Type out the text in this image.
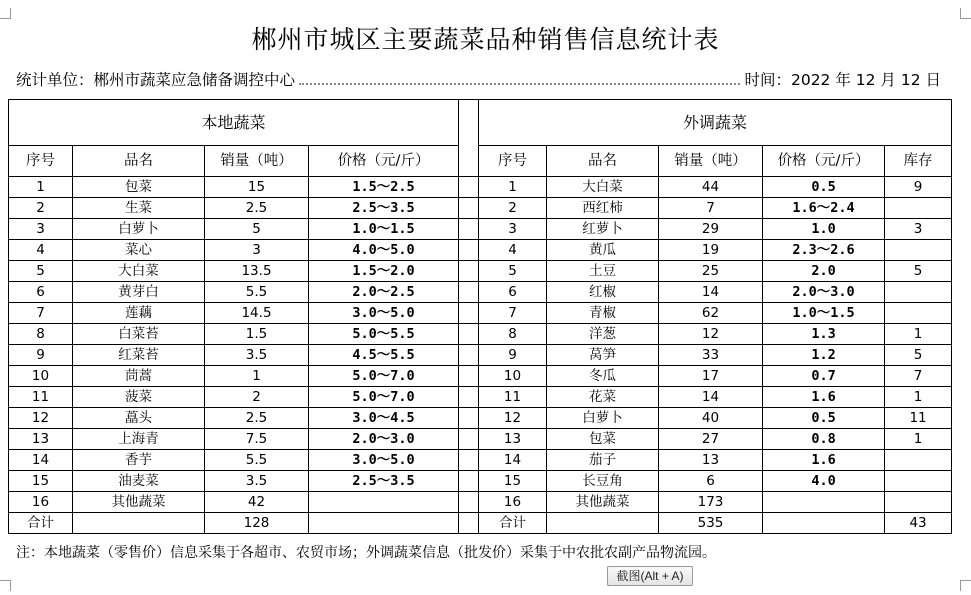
郴州市城区主要蔬菜品种销售信息统计表
统计单位：郴州市蔬菜应急储备调控中心	时间：2022 年 12 月 12 日
本地蔬菜					外调蔬菜				
序号	品名	销量（吨）	价格（元/斤）		序号	品名	销量（吨）	价格（元/斤）	库存
1	包菜	15	1.5～2.5		1	大白菜	44	0.5	9
2	生菜	2.5	2.5～3.5		2	西红柿	7	1.6～2.4	
3	白萝卜	5	1.0～1.5		3	红萝卜	29	1.0	3
4	菜心	3	4.0～5.0		4	黄瓜	19	2.3～2.6	
5	大白菜	13.5	1.5～2.0		5	土豆	25	2.0	5
6	黄芽白	5.5	2.0～2.5		6	红椒	14	2.0～3.0	
7	莲藕	14.5	3.0～5.0		7	青椒	62	1.0～1.5	
8	白菜苔	1.5	5.0～5.5		8	洋葱	12	1.3	1
9	红菜苔	3.5	4.5～5.5		9	莴笋	33	1.2	5
10	茼蒿	1	5.0～7.0		10	冬瓜	17	0.7	7
11	菠菜	2	5.0～7.0		11	花菜	14	1.6	1
12	藠头	2.5	3.0～4.5		12	白萝卜	40	0.5	11
13	上海青	7.5	2.0～3.0		13	包菜	27	0.8	1
14	香芋	5.5	3.0～5.0		14	茄子	13	1.6	
15	油麦菜	3.5	2.5～3.5		15	长豆角	6	4.0	
16	其他蔬菜	42			16	其他蔬菜	173		
合计		128			合计		535		43
注：本地蔬菜（零售价）信息采集于各超市、农贸市场；外调蔬菜信息（批发价）采集于中农批农副产品物流园。
截图(Alt + A)
